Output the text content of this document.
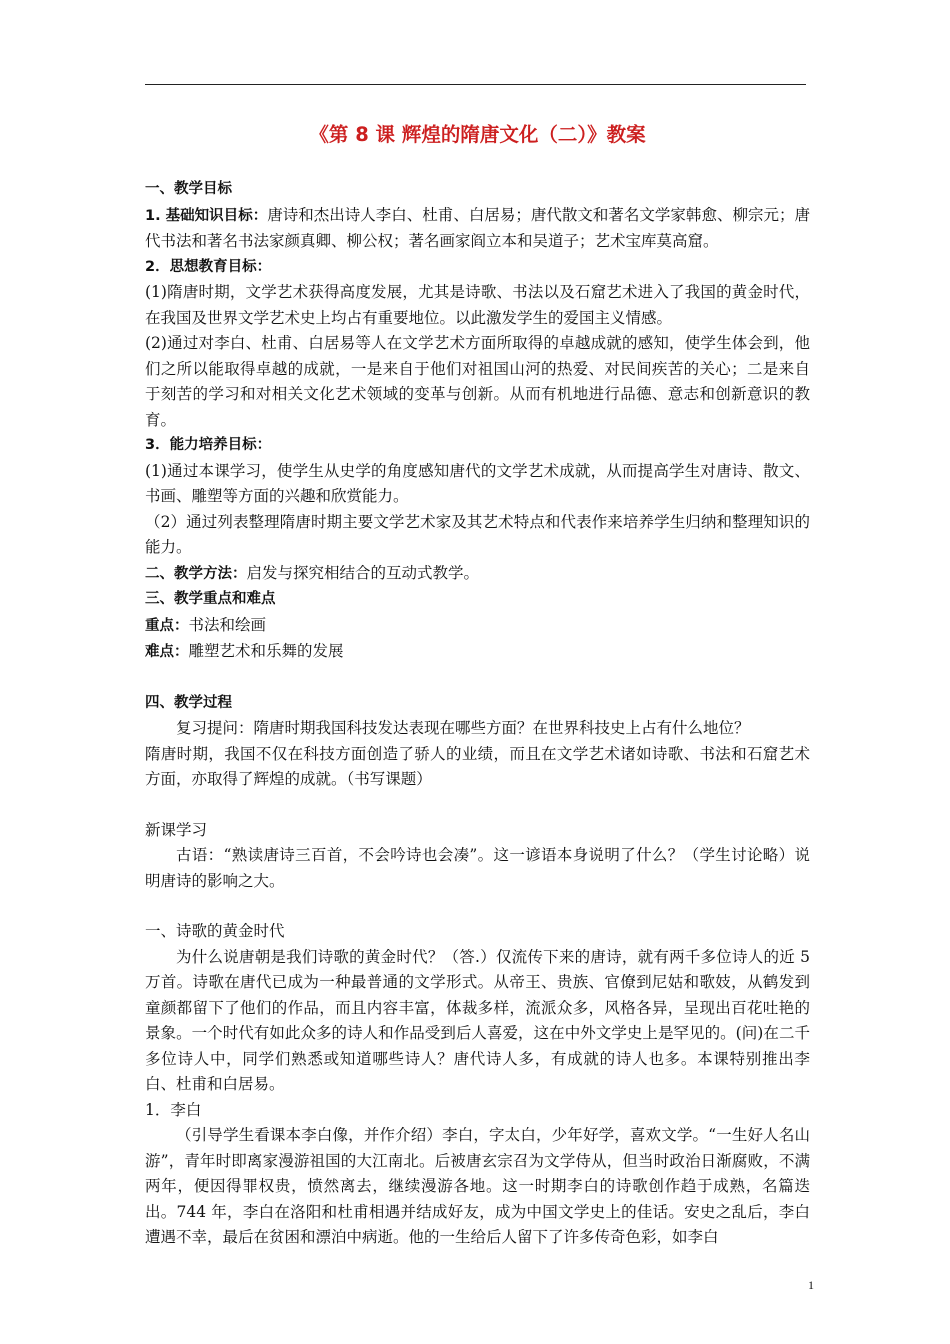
《第 8 课 辉煌的隋唐文化（二）》教案

一、教学目标

1. 基础知识目标：唐诗和杰出诗人李白、杜甫、白居易；唐代散文和著名文学家韩愈、柳宗元；唐代书法和著名书法家颜真卿、柳公权；著名画家阎立本和吴道子；艺术宝库莫高窟。

2．思想教育目标：

(1)隋唐时期，文学艺术获得高度发展，尤其是诗歌、书法以及石窟艺术进入了我国的黄金时代，在我国及世界文学艺术史上均占有重要地位。以此激发学生的爱国主义情感。

(2)通过对李白、杜甫、白居易等人在文学艺术方面所取得的卓越成就的感知，使学生体会到，他们之所以能取得卓越的成就，一是来自于他们对祖国山河的热爱、对民间疾苦的关心；二是来自于刻苦的学习和对相关文化艺术领域的变革与创新。从而有机地进行品德、意志和创新意识的教育。

3．能力培养目标：

(1)通过本课学习，使学生从史学的角度感知唐代的文学艺术成就，从而提高学生对唐诗、散文、书画、雕塑等方面的兴趣和欣赏能力。

（2）通过列表整理隋唐时期主要文学艺术家及其艺术特点和代表作来培养学生归纳和整理知识的能力。

二、教学方法：启发与探究相结合的互动式教学。

三、教学重点和难点

重点：书法和绘画

难点：雕塑艺术和乐舞的发展

四、教学过程

复习提问：隋唐时期我国科技发达表现在哪些方面？在世界科技史上占有什么地位？

隋唐时期，我国不仅在科技方面创造了骄人的业绩，而且在文学艺术诸如诗歌、书法和石窟艺术方面，亦取得了辉煌的成就。（书写课题）

新课学习

古语：“熟读唐诗三百首，不会吟诗也会凑”。这一谚语本身说明了什么？（学生讨论略）说明唐诗的影响之大。

一、诗歌的黄金时代

为什么说唐朝是我们诗歌的黄金时代？（答.）仅流传下来的唐诗，就有两千多位诗人的近 5 万首。诗歌在唐代已成为一种最普通的文学形式。从帝王、贵族、官僚到尼姑和歌妓，从鹤发到童颜都留下了他们的作品，而且内容丰富，体裁多样，流派众多，风格各异，呈现出百花吐艳的景象。一个时代有如此众多的诗人和作品受到后人喜爱，这在中外文学史上是罕见的。(问)在二千多位诗人中，同学们熟悉或知道哪些诗人？唐代诗人多，有成就的诗人也多。本课特别推出李白、杜甫和白居易。

1．李白

（引导学生看课本李白像，并作介绍）李白，字太白，少年好学，喜欢文学。“一生好人名山游”，青年时即离家漫游祖国的大江南北。后被唐玄宗召为文学侍从，但当时政治日渐腐败，不满两年，便因得罪权贵，愤然离去，继续漫游各地。这一时期李白的诗歌创作趋于成熟，名篇迭出。744 年，李白在洛阳和杜甫相遇并结成好友，成为中国文学史上的佳话。安史之乱后，李白遭遇不幸，最后在贫困和漂泊中病逝。他的一生给后人留下了许多传奇色彩，如李白

1
